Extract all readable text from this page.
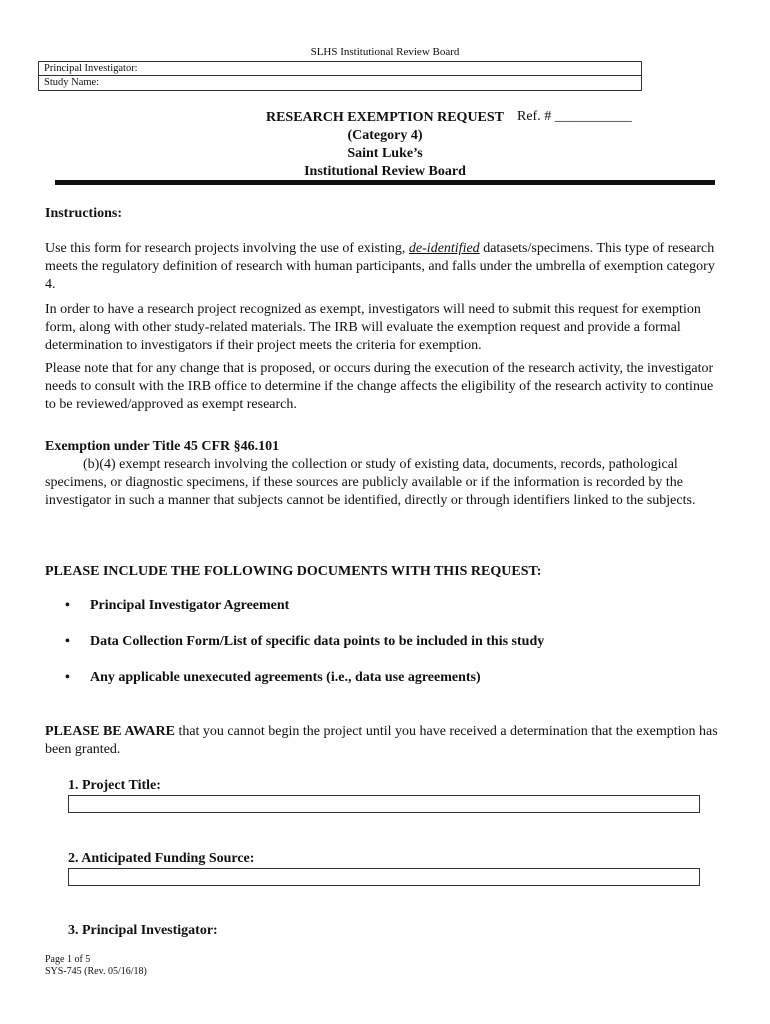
SLHS Institutional Review Board
Principal Investigator:
Study Name:
RESEARCH EXEMPTION REQUEST
(Category 4)
Saint Luke’s
Institutional Review Board
Ref. # ___________
Instructions:

Use this form for research projects involving the use of existing, de-identified datasets/specimens. This type of research meets the regulatory definition of research with human participants, and falls under the umbrella of exemption category 4.

In order to have a research project recognized as exempt, investigators will need to submit this request for exemption form, along with other study-related materials. The IRB will evaluate the exemption request and provide a formal determination to investigators if their project meets the criteria for exemption.

Please note that for any change that is proposed, or occurs during the execution of the research activity, the investigator needs to consult with the IRB office to determine if the change affects the eligibility of the research activity to continue to be reviewed/approved as exempt research.

Exemption under Title 45 CFR §46.101

(b)(4) exempt research involving the collection or study of existing data, documents, records, pathological specimens, or diagnostic specimens, if these sources are publicly available or if the information is recorded by the investigator in such a manner that subjects cannot be identified, directly or through identifiers linked to the subjects.

PLEASE INCLUDE THE FOLLOWING DOCUMENTS WITH THIS REQUEST:
• Principal Investigator Agreement
• Data Collection Form/List of specific data points to be included in this study
• Any applicable unexecuted agreements (i.e., data use agreements)

PLEASE BE AWARE that you cannot begin the project until you have received a determination that the exemption has been granted.

1. Project Title:
2. Anticipated Funding Source:
3. Principal Investigator:
Page 1 of 5
SYS-745 (Rev. 05/16/18)
